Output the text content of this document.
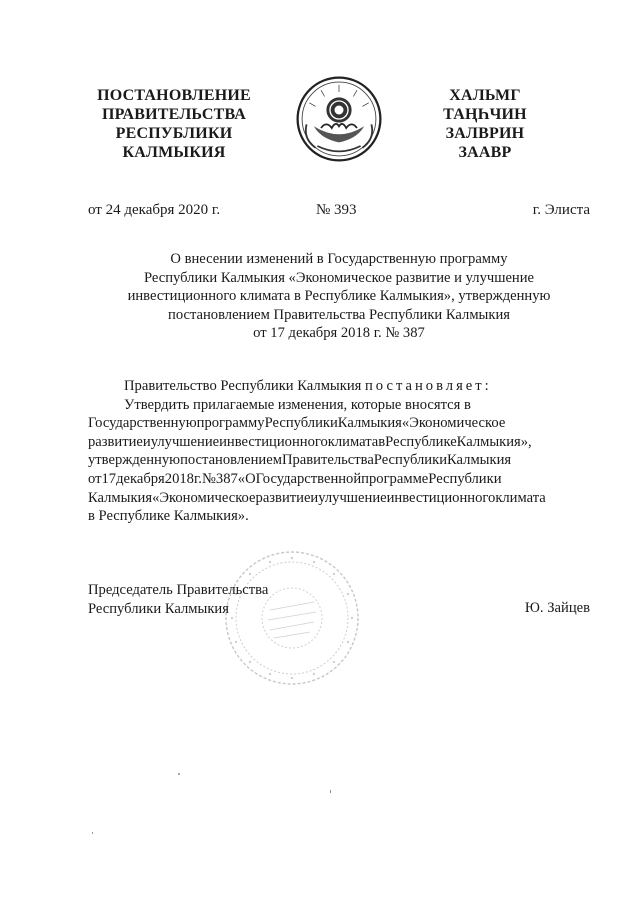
ПОСТАНОВЛЕНИЕ
ПРАВИТЕЛЬСТВА
РЕСПУБЛИКИ
КАЛМЫКИЯ
ХАЛЬМГ
ТАҢҺЧИН
ЗАЛВРИН
ЗААВР
от 24 декабря 2020 г.	№ 393	г. Элиста
О внесении изменений в Государственную программу
Республики Калмыкия «Экономическое развитие и улучшение
инвестиционного климата в Республике Калмыкия», утвержденную
постановлением Правительства Республики Калмыкия
от 17 декабря 2018 г. № 387
Правительство Республики Калмыкия постановляет:
Утвердить прилагаемые изменения, которые вносятся в
ГосударственнуюпрограммуРеспубликиКалмыкия«Экономическое
развитиеиулучшениеинвестиционногоклиматавРеспубликеКалмыкия»,
утвержденнуюпостановлениемПравительстваРеспубликиКалмыкия
от17декабря2018г.№387«ОГосударственнойпрограммеРеспублики
Калмыкия«Экономическоеразвитиеиулучшениеинвестиционногоклимата
в Республике Калмыкия».
Председатель Правительства
Республики Калмыкия	Ю. Зайцев
